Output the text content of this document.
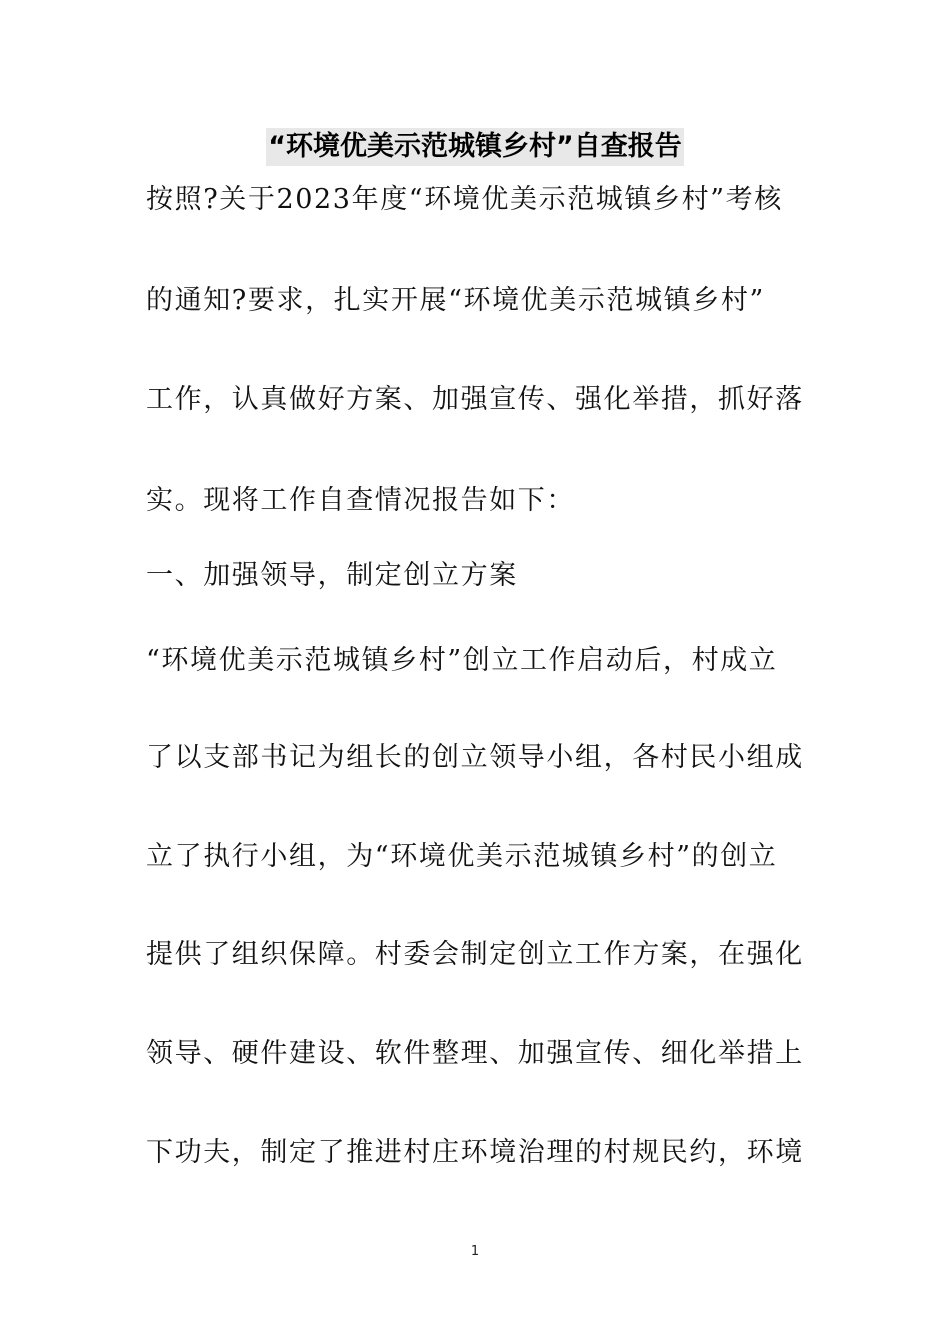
“环境优美示范城镇乡村”自查报告
按照?关于2023年度“环境优美示范城镇乡村”考核
的通知?要求，扎实开展“环境优美示范城镇乡村”
工作，认真做好方案、加强宣传、强化举措，抓好落
实。现将工作自查情况报告如下：
一、加强领导，制定创立方案
“环境优美示范城镇乡村”创立工作启动后，村成立
了以支部书记为组长的创立领导小组，各村民小组成
立了执行小组，为“环境优美示范城镇乡村”的创立
提供了组织保障。村委会制定创立工作方案，在强化
领导、硬件建设、软件整理、加强宣传、细化举措上
下功夫，制定了推进村庄环境治理的村规民约，环境
1
